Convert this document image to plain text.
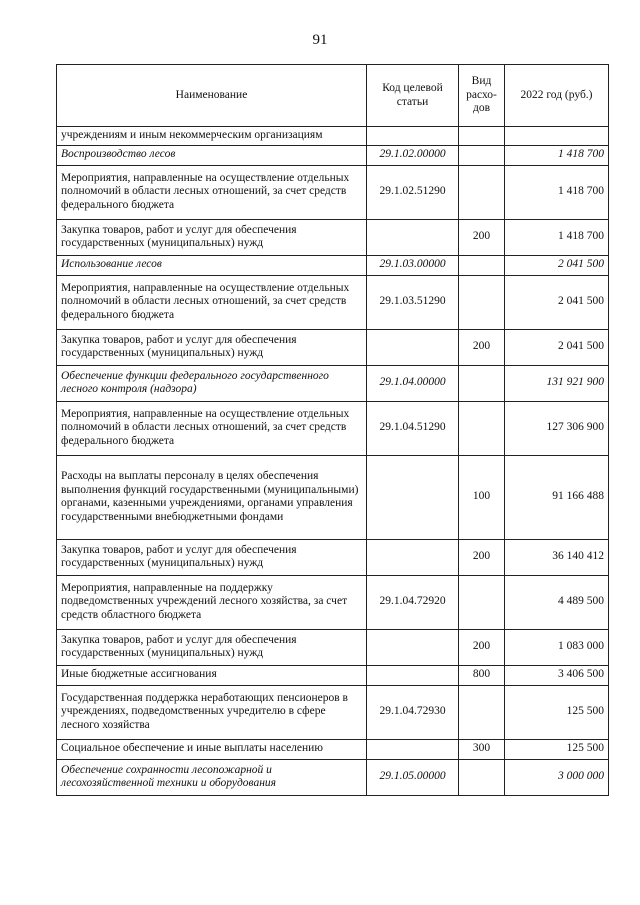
91
Наименование	Код целевой статьи	Вид расхо-дов	2022 год (руб.)
учреждениям и иным некоммерческим организациям			
Воспроизводство лесов	29.1.02.00000		1 418 700
Мероприятия, направленные на осуществление отдельных полномочий в области лесных отношений, за счет средств федерального бюджета	29.1.02.51290		1 418 700
Закупка товаров, работ и услуг для обеспечения государственных (муниципальных) нужд		200	1 418 700
Использование лесов	29.1.03.00000		2 041 500
Мероприятия, направленные на осуществление отдельных полномочий в области лесных отношений, за счет средств федерального бюджета	29.1.03.51290		2 041 500
Закупка товаров, работ и услуг для обеспечения государственных (муниципальных) нужд		200	2 041 500
Обеспечение функции федерального государственного лесного контроля (надзора)	29.1.04.00000		131 921 900
Мероприятия, направленные на осуществление отдельных полномочий в области лесных отношений, за счет средств федерального бюджета	29.1.04.51290		127 306 900
Расходы на выплаты персоналу в целях обеспечения выполнения функций государственными (муниципальными) органами, казенными учреждениями, органами управления государственными внебюджетными фондами		100	91 166 488
Закупка товаров, работ и услуг для обеспечения государственных (муниципальных) нужд		200	36 140 412
Мероприятия, направленные на поддержку подведомственных учреждений лесного хозяйства, за счет средств областного бюджета	29.1.04.72920		4 489 500
Закупка товаров, работ и услуг для обеспечения государственных (муниципальных) нужд		200	1 083 000
Иные бюджетные ассигнования		800	3 406 500
Государственная поддержка неработающих пенсионеров в учреждениях, подведомственных учредителю в сфере лесного хозяйства	29.1.04.72930		125 500
Социальное обеспечение и иные выплаты населению		300	125 500
Обеспечение сохранности лесопожарной и лесохозяйственной техники и оборудования	29.1.05.00000		3 000 000
